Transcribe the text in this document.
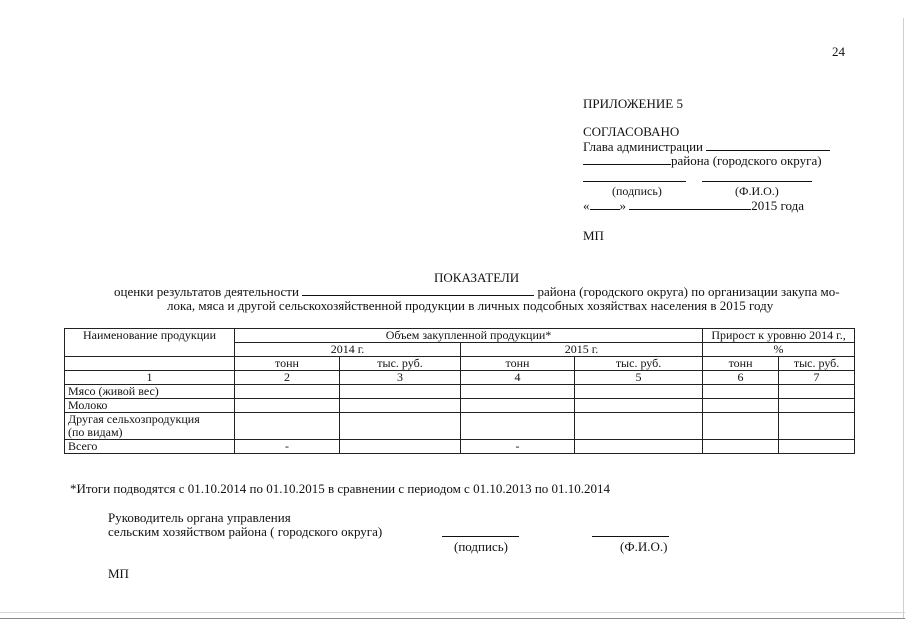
24
ПРИЛОЖЕНИЕ 5
СОГЛАСОВАНО
Глава администрации
района (городского округа)
(подпись)	(Ф.И.О.)
« »	2015 года
МП
ПОКАЗАТЕЛИ
оценки результатов деятельности	района (городского округа) по организации закупа мо-
лока, мяса и другой сельскохозяйственной продукции в личных подсобных хозяйствах населения в 2015 году
Наименование продукции	Объем закупленной продукции*				Прирост к уровню 2014 г.,	
	2014 г.		2015 г.		%	
	тонн	тыс. руб.	тонн	тыс. руб.	тонн	тыс. руб.
1	2	3	4	5	6	7
Мясо (живой вес)						
Молоко						
Другая сельхозпродукция
(по видам)						
Всего	-		-			
*Итоги подводятся с 01.10.2014 по 01.10.2015 в сравнении с периодом с 01.10.2013 по 01.10.2014
Руководитель органа управления
сельским хозяйством района ( городского округа)
(подпись)	(Ф.И.О.)
МП
